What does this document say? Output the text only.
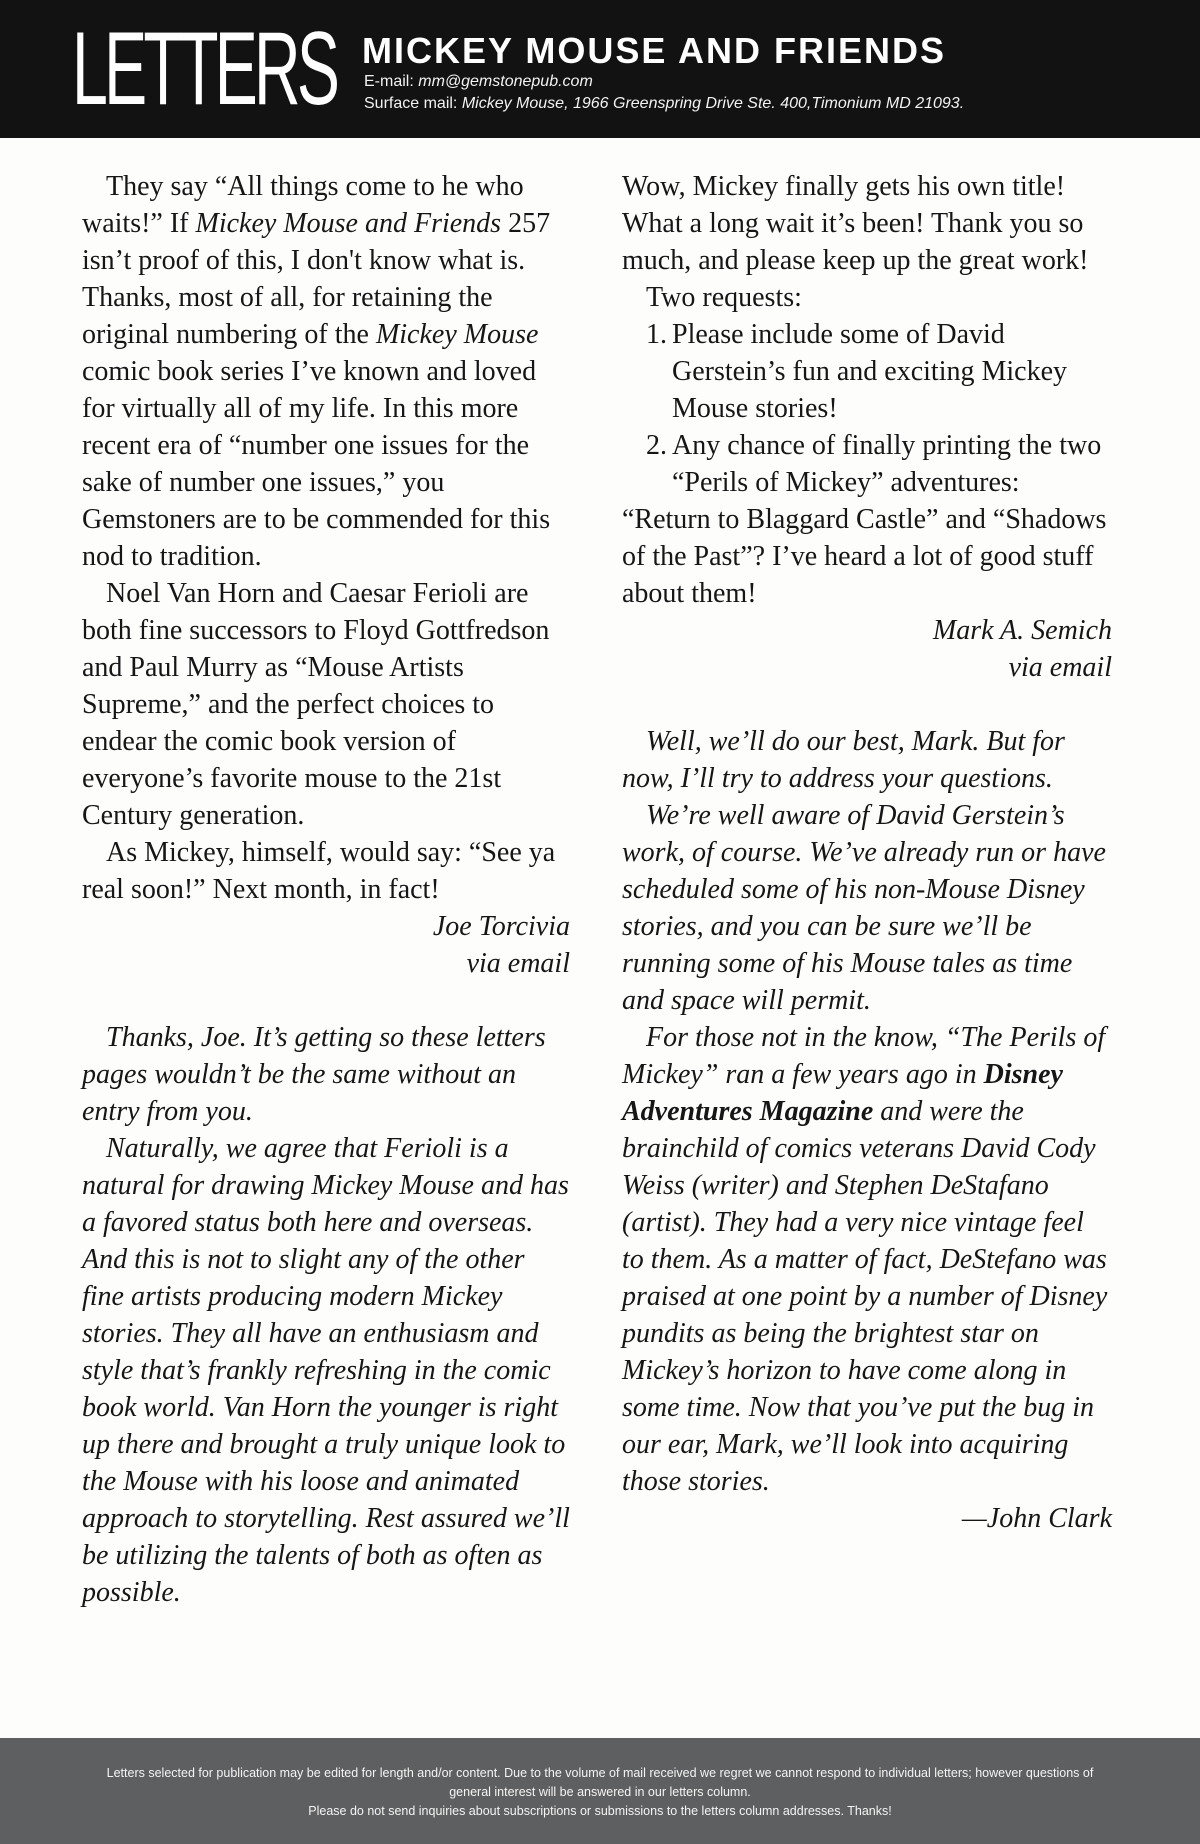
LETTERS MICKEY MOUSE AND FRIENDS
E-mail: mm@gemstonepub.com
Surface mail: Mickey Mouse, 1966 Greenspring Drive Ste. 400,Timonium MD 21093.

They say “All things come to he who waits!” If Mickey Mouse and Friends 257 isn’t proof of this, I don't know what is. Thanks, most of all, for retaining the original numbering of the Mickey Mouse comic book series I’ve known and loved for virtually all of my life. In this more recent era of “number one issues for the sake of number one issues,” you Gemstoners are to be commended for this nod to tradition.

Noel Van Horn and Caesar Ferioli are both fine successors to Floyd Gottfredson and Paul Murry as “Mouse Artists Supreme,” and the perfect choices to endear the comic book version of everyone’s favorite mouse to the 21st Century generation.

As Mickey, himself, would say: “See ya real soon!” Next month, in fact!

Joe Torcivia

via email

Thanks, Joe. It’s getting so these letters pages wouldn’t be the same without an entry from you.

Naturally, we agree that Ferioli is a natural for drawing Mickey Mouse and has a favored status both here and overseas. And this is not to slight any of the other fine artists producing modern Mickey stories. They all have an enthusiasm and style that’s frankly refreshing in the comic book world. Van Horn the younger is right up there and brought a truly unique look to the Mouse with his loose and animated approach to storytelling. Rest assured we’ll be utilizing the talents of both as often as possible.

Wow, Mickey finally gets his own title! What a long wait it’s been! Thank you so much, and please keep up the great work!

Two requests:

1. Please include some of David Gerstein’s fun and exciting Mickey Mouse stories!
2. Any chance of finally printing the two “Perils of Mickey” adventures:

“Return to Blaggard Castle” and “Shadows of the Past”? I’ve heard a lot of good stuff about them!

Mark A. Semich

via email

Well, we’ll do our best, Mark. But for now, I’ll try to address your questions.

We’re well aware of David Gerstein’s work, of course. We’ve already run or have scheduled some of his non-Mouse Disney stories, and you can be sure we’ll be running some of his Mouse tales as time and space will permit.

For those not in the know, “The Perils of Mickey” ran a few years ago in Disney Adventures Magazine and were the brainchild of comics veterans David Cody Weiss (writer) and Stephen DeStafano (artist). They had a very nice vintage feel to them. As a matter of fact, DeStefano was praised at one point by a number of Disney pundits as being the brightest star on Mickey’s horizon to have come along in some time. Now that you’ve put the bug in our ear, Mark, we’ll look into acquiring those stories.

—John Clark

Letters selected for publication may be edited for length and/or content. Due to the volume of mail received we regret we cannot respond to individual letters; however questions of general interest will be answered in our letters column.
Please do not send inquiries about subscriptions or submissions to the letters column addresses. Thanks!
